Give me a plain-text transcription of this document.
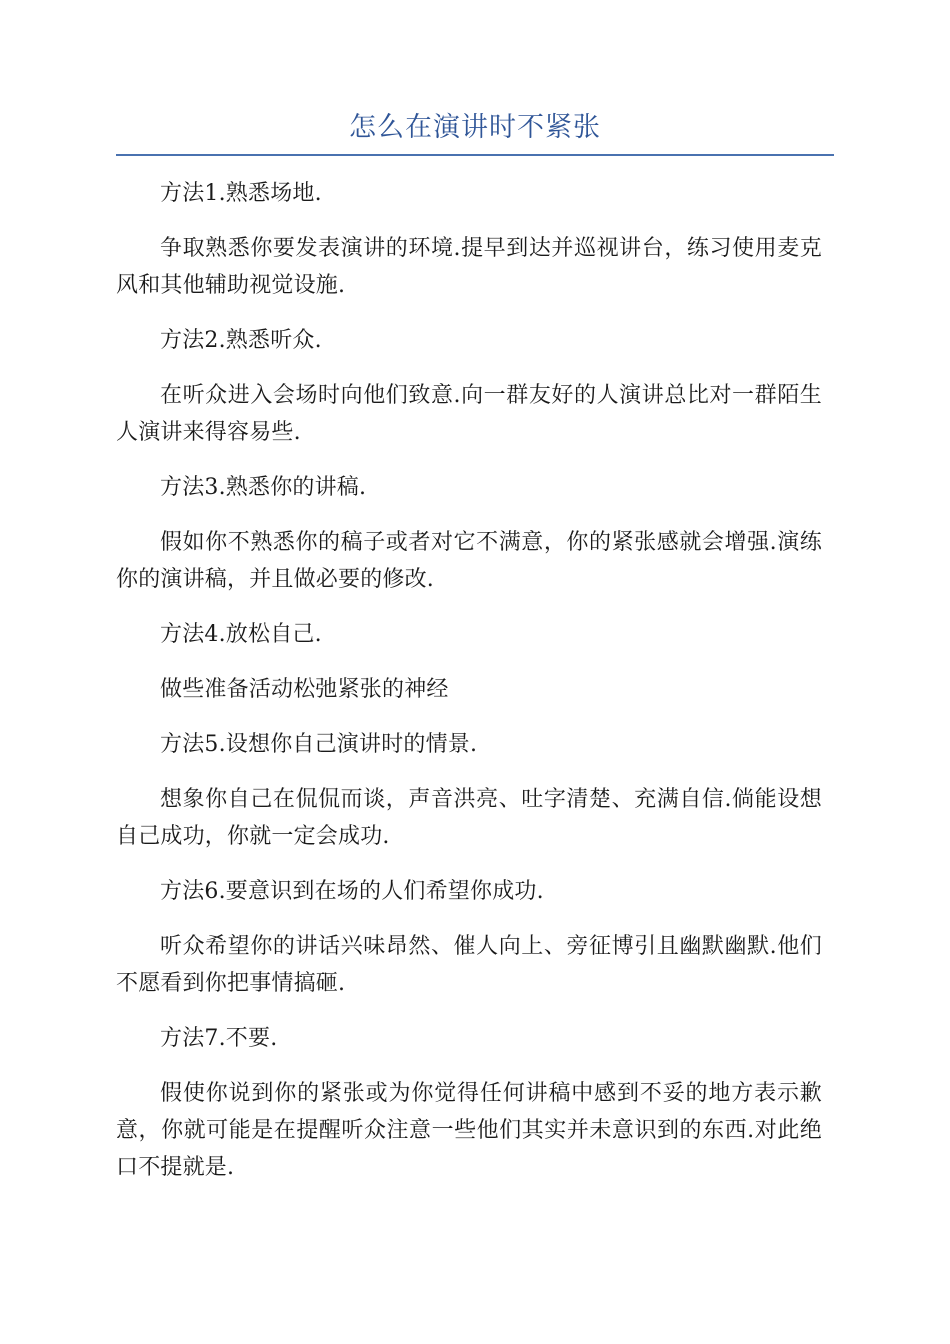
怎么在演讲时不紧张

方法1.熟悉场地.

争取熟悉你要发表演讲的环境.提早到达并巡视讲台，练习使用麦克风和其他辅助视觉设施.

方法2.熟悉听众.

在听众进入会场时向他们致意.向一群友好的人演讲总比对一群陌生人演讲来得容易些.

方法3.熟悉你的讲稿.

假如你不熟悉你的稿子或者对它不满意，你的紧张感就会增强.演练你的演讲稿，并且做必要的修改.

方法4.放松自己.

做些准备活动松弛紧张的神经

方法5.设想你自己演讲时的情景.

想象你自己在侃侃而谈，声音洪亮、吐字清楚、充满自信.倘能设想自己成功，你就一定会成功.

方法6.要意识到在场的人们希望你成功.

听众希望你的讲话兴味昂然、催人向上、旁征博引且幽默幽默.他们不愿看到你把事情搞砸.

方法7.不要.

假使你说到你的紧张或为你觉得任何讲稿中感到不妥的地方表示歉意，你就可能是在提醒听众注意一些他们其实并未意识到的东西.对此绝口不提就是.
